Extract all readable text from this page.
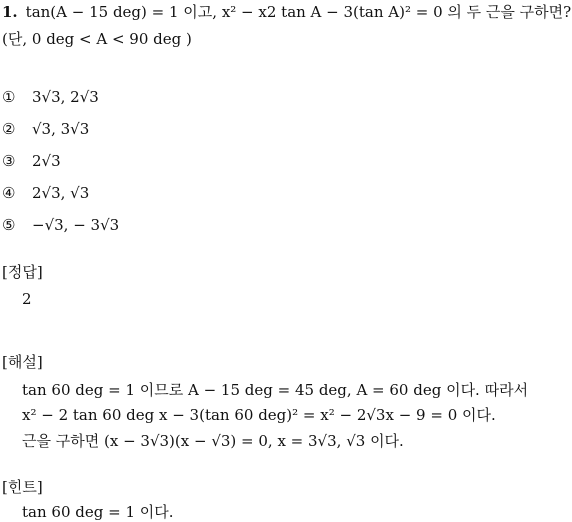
1. tan(A − 15 deg) = 1 이고, x² − x2 tan A − 3(tan A)² = 0 의 두 근을 구하면?
(단, 0 deg < A < 90 deg )
① 3√3, 2√3
② √3, 3√3
③ 2√3
④ 2√3, √3
⑤ −√3, − 3√3
[정답]
2
[해설]
tan 60 deg = 1 이므로 A − 15 deg = 45 deg, A = 60 deg 이다. 따라서
x² − 2 tan 60 deg x − 3(tan 60 deg)² = x² − 2√3x − 9 = 0 이다.
근을 구하면 (x − 3√3)(x − √3) = 0, x = 3√3, √3 이다.
[힌트]
tan 60 deg = 1 이다.
